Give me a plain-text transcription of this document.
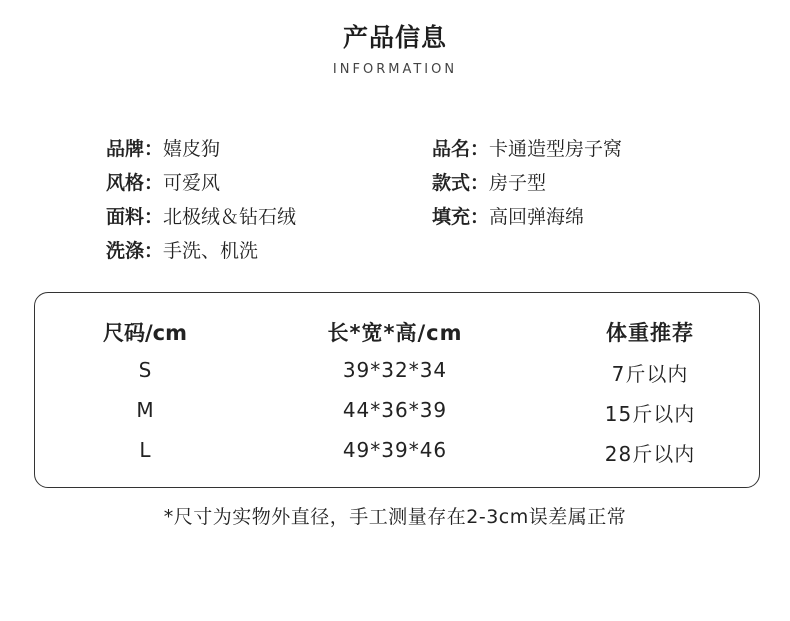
产品信息
INFORMATION
品牌：嬉皮狗	品名：卡通造型房子窝
风格：可爱风	款式：房子型
面料：北极绒＆钻石绒	填充：高回弹海绵
洗涤：手洗、机洗
尺码/cm	长*宽*高/cm	体重推荐
S	39*32*34	7斤以内
M	44*36*39	15斤以内
L	49*39*46	28斤以内
*尺寸为实物外直径，手工测量存在2-3cm误差属正常
